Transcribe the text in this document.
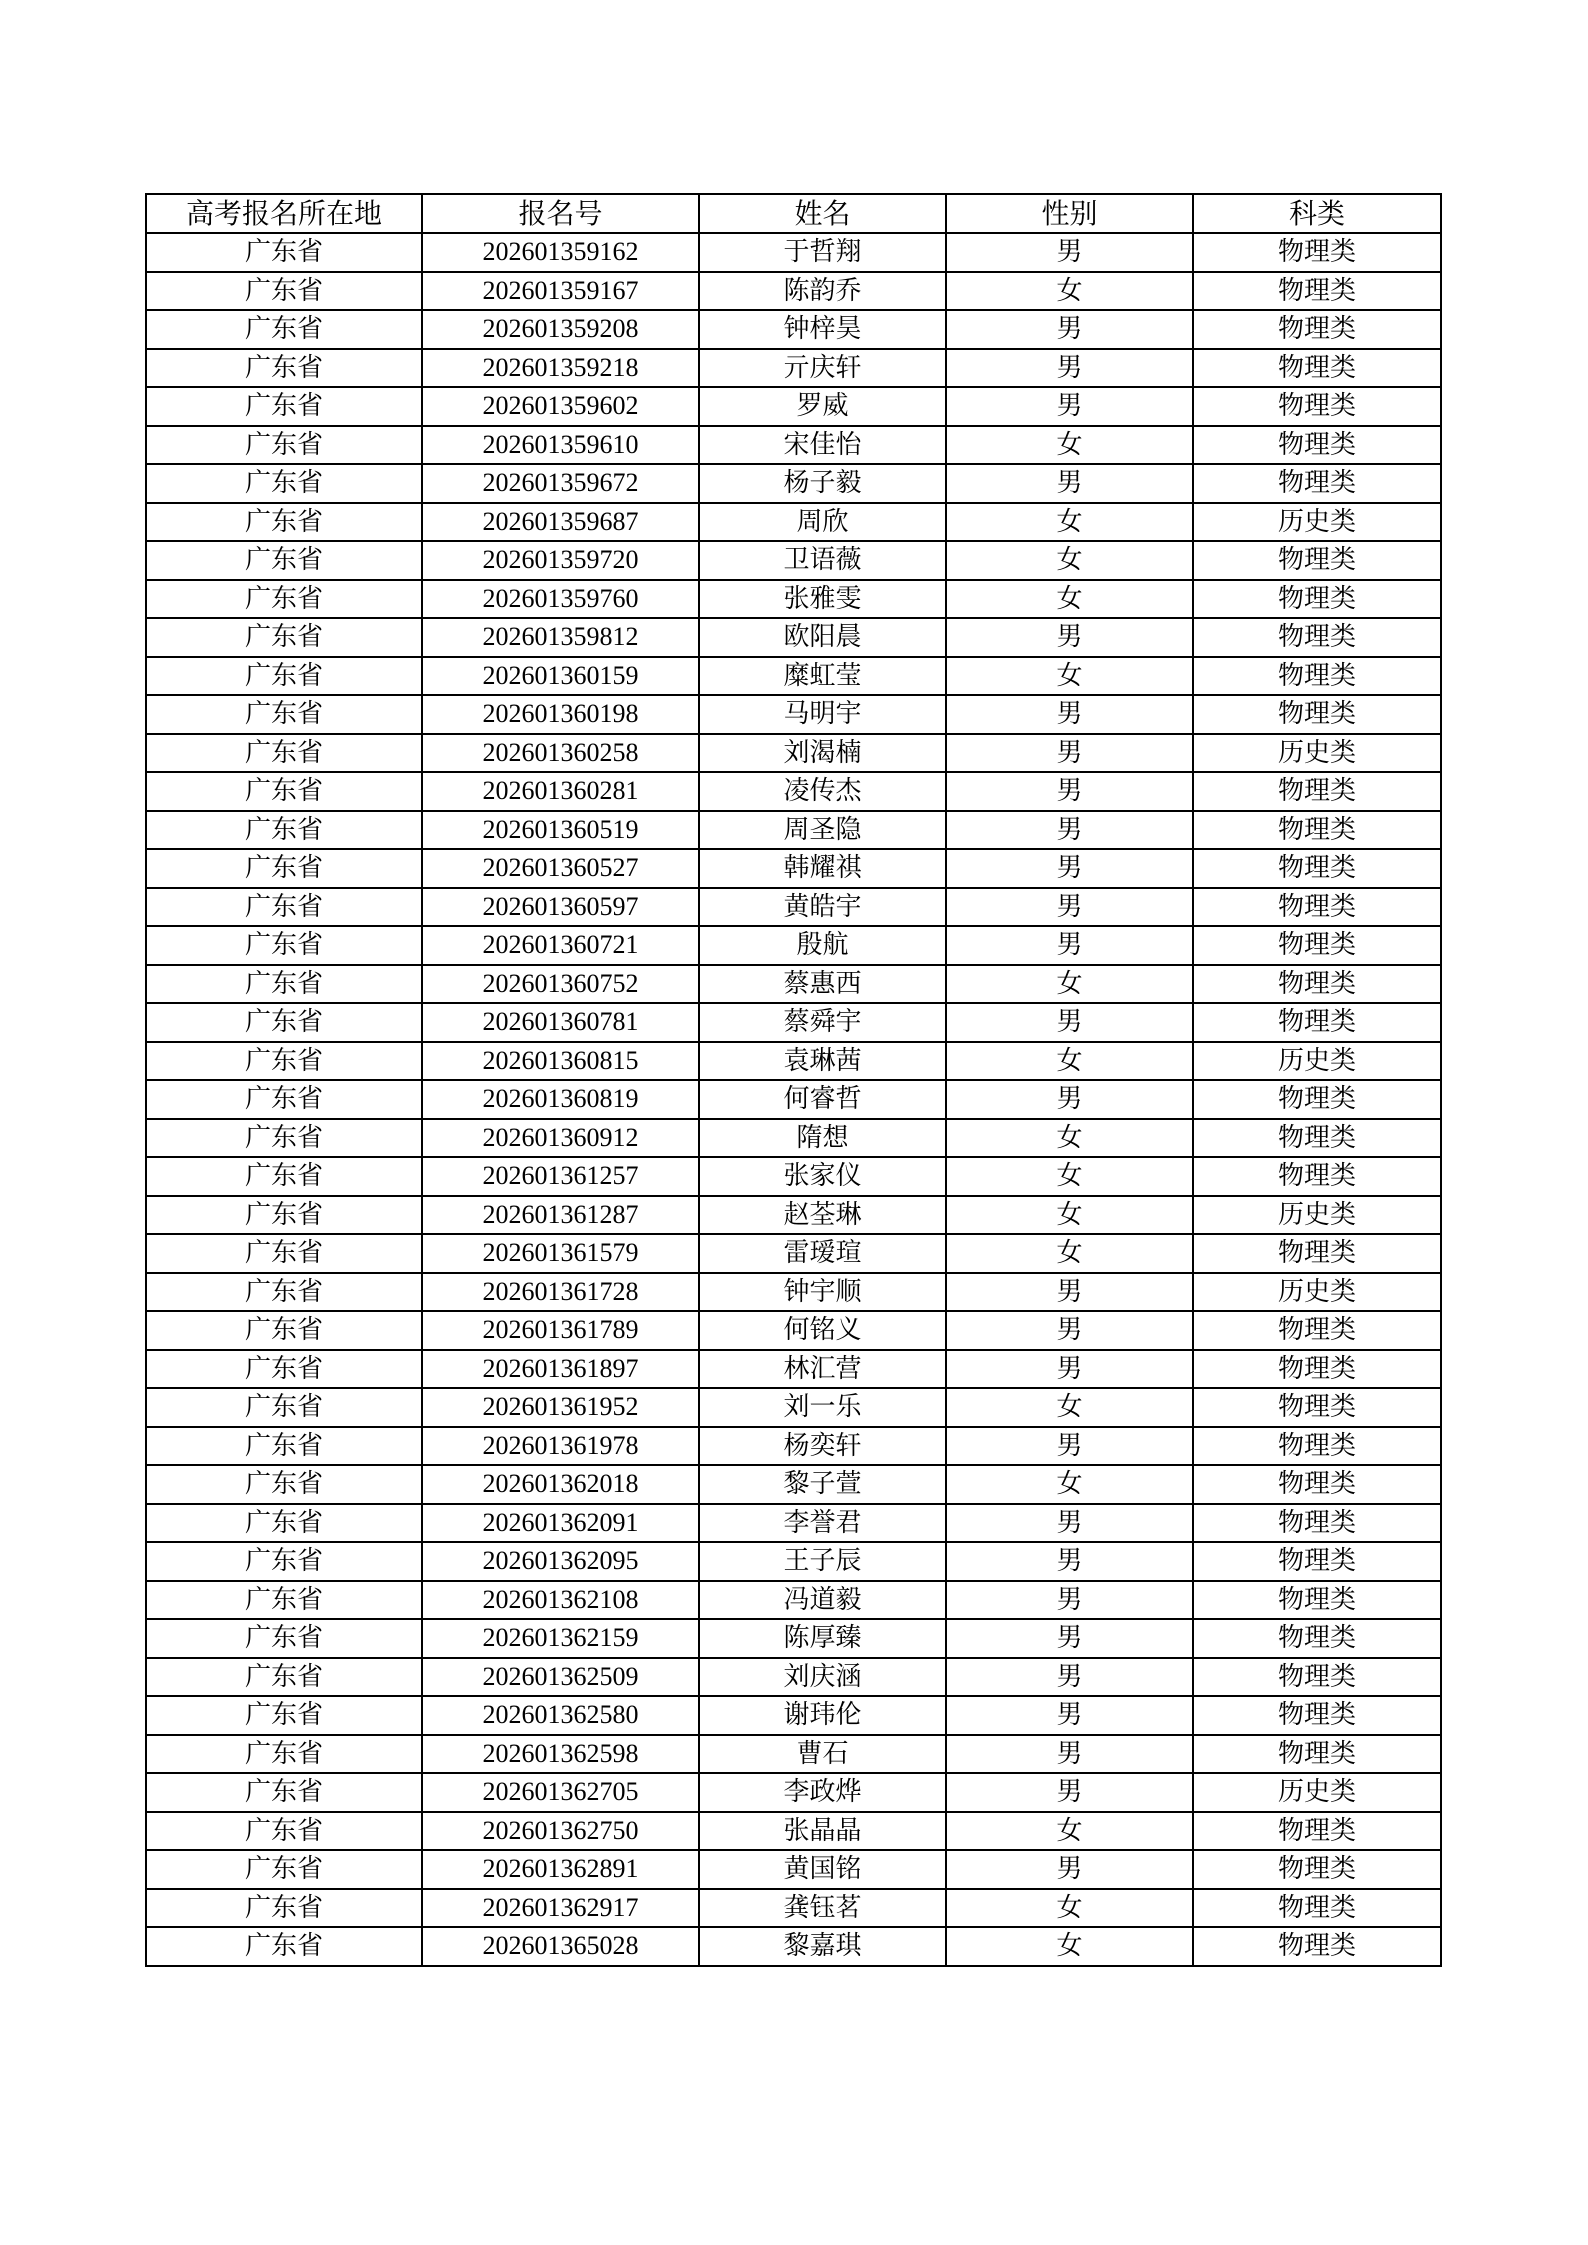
高考报名所在地	报名号	姓名	性别	科类
广东省	202601359162	于哲翔	男	物理类
广东省	202601359167	陈韵乔	女	物理类
广东省	202601359208	钟梓昊	男	物理类
广东省	202601359218	亓庆轩	男	物理类
广东省	202601359602	罗威	男	物理类
广东省	202601359610	宋佳怡	女	物理类
广东省	202601359672	杨子毅	男	物理类
广东省	202601359687	周欣	女	历史类
广东省	202601359720	卫语薇	女	物理类
广东省	202601359760	张雅雯	女	物理类
广东省	202601359812	欧阳晨	男	物理类
广东省	202601360159	糜虹莹	女	物理类
广东省	202601360198	马明宇	男	物理类
广东省	202601360258	刘渴楠	男	历史类
广东省	202601360281	凌传杰	男	物理类
广东省	202601360519	周圣隐	男	物理类
广东省	202601360527	韩耀祺	男	物理类
广东省	202601360597	黄皓宇	男	物理类
广东省	202601360721	殷航	男	物理类
广东省	202601360752	蔡惠西	女	物理类
广东省	202601360781	蔡舜宇	男	物理类
广东省	202601360815	袁琳茜	女	历史类
广东省	202601360819	何睿哲	男	物理类
广东省	202601360912	隋想	女	物理类
广东省	202601361257	张家仪	女	物理类
广东省	202601361287	赵荃琳	女	历史类
广东省	202601361579	雷瑷瑄	女	物理类
广东省	202601361728	钟宇顺	男	历史类
广东省	202601361789	何铭义	男	物理类
广东省	202601361897	林汇营	男	物理类
广东省	202601361952	刘一乐	女	物理类
广东省	202601361978	杨奕轩	男	物理类
广东省	202601362018	黎子萱	女	物理类
广东省	202601362091	李誉君	男	物理类
广东省	202601362095	王子辰	男	物理类
广东省	202601362108	冯道毅	男	物理类
广东省	202601362159	陈厚臻	男	物理类
广东省	202601362509	刘庆涵	男	物理类
广东省	202601362580	谢玮伦	男	物理类
广东省	202601362598	曹石	男	物理类
广东省	202601362705	李政烨	男	历史类
广东省	202601362750	张晶晶	女	物理类
广东省	202601362891	黄国铭	男	物理类
广东省	202601362917	龚钰茗	女	物理类
广东省	202601365028	黎嘉琪	女	物理类
